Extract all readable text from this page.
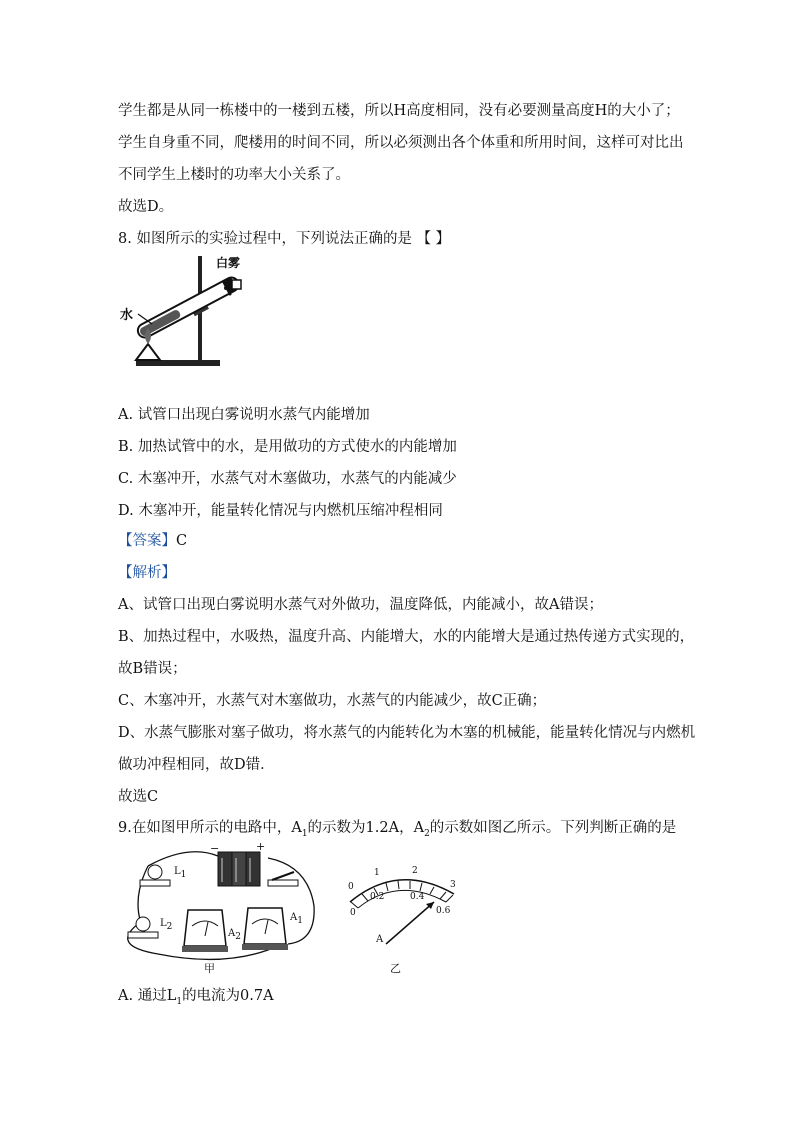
学生都是从同一栋楼中的一楼到五楼，所以H高度相同，没有必要测量高度H的大小了；
学生自身重不同，爬楼用的时间不同，所以必须测出各个体重和所用时间，这样可对比出
不同学生上楼时的功率大小关系了。
故选D。
8. 如图所示的实验过程中，下列说法正确的是 【 】
水
白雾
A. 试管口出现白雾说明水蒸气内能增加
B. 加热试管中的水，是用做功的方式使水的内能增加
C. 木塞冲开，水蒸气对木塞做功，水蒸气的内能减少
D. 木塞冲开，能量转化情况与内燃机压缩冲程相同
【答案】C
【解析】
A、试管口出现白雾说明水蒸气对外做功，温度降低，内能减小，故A错误；
B、加热过程中，水吸热，温度升高、内能增大，水的内能增大是通过热传递方式实现的，
故B错误；
C、木塞冲开，水蒸气对木塞做功，水蒸气的内能减少，故C正确；
D、水蒸气膨胀对塞子做功，将水蒸气的内能转化为木塞的机械能，能量转化情况与内燃机
做功冲程相同，故D错．
故选C
9.在如图甲所示的电路中，$A_1$的示数为1.2A，$A_2$的示数如图乙所示。下列判断正确的是
$L_1$
$L_2$
$A_2$
$A_1$
−	+
甲
0
1	2
3
0
0.2	0.4
0.6
A
乙
A. 通过$L_1$的电流为0.7A
